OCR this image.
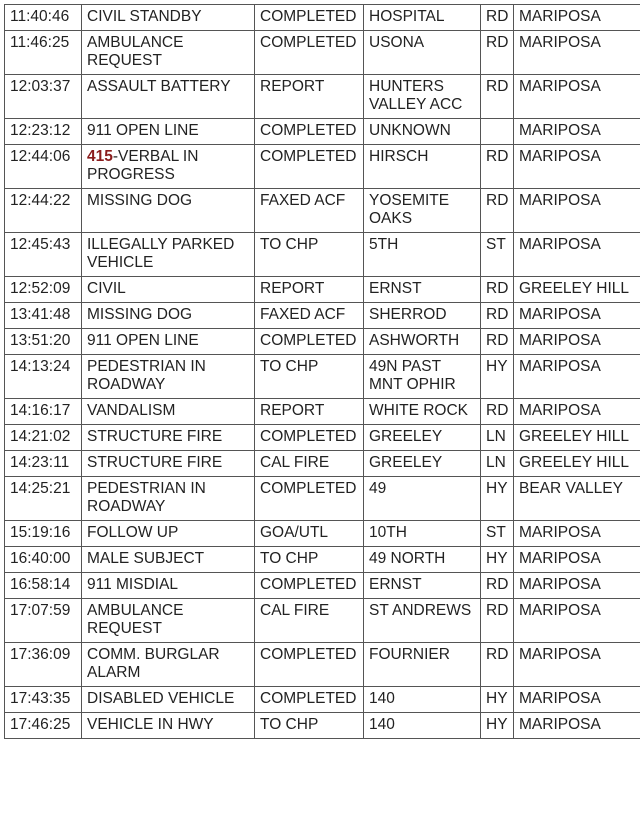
11:40:46	CIVIL STANDBY	COMPLETED	HOSPITAL	RD	MARIPOSA
11:46:25	AMBULANCE REQUEST	COMPLETED	USONA	RD	MARIPOSA
12:03:37	ASSAULT BATTERY	REPORT	HUNTERS VALLEY ACC	RD	MARIPOSA
12:23:12	911 OPEN LINE	COMPLETED	UNKNOWN		MARIPOSA
12:44:06	415-VERBAL IN PROGRESS	COMPLETED	HIRSCH	RD	MARIPOSA
12:44:22	MISSING DOG	FAXED ACF	YOSEMITE OAKS	RD	MARIPOSA
12:45:43	ILLEGALLY PARKED VEHICLE	TO CHP	5TH	ST	MARIPOSA
12:52:09	CIVIL	REPORT	ERNST	RD	GREELEY HILL
13:41:48	MISSING DOG	FAXED ACF	SHERROD	RD	MARIPOSA
13:51:20	911 OPEN LINE	COMPLETED	ASHWORTH	RD	MARIPOSA
14:13:24	PEDESTRIAN IN ROADWAY	TO CHP	49N PAST MNT OPHIR	HY	MARIPOSA
14:16:17	VANDALISM	REPORT	WHITE ROCK	RD	MARIPOSA
14:21:02	STRUCTURE FIRE	COMPLETED	GREELEY	LN	GREELEY HILL
14:23:11	STRUCTURE FIRE	CAL FIRE	GREELEY	LN	GREELEY HILL
14:25:21	PEDESTRIAN IN ROADWAY	COMPLETED	49	HY	BEAR VALLEY
15:19:16	FOLLOW UP	GOA/UTL	10TH	ST	MARIPOSA
16:40:00	MALE SUBJECT	TO CHP	49 NORTH	HY	MARIPOSA
16:58:14	911 MISDIAL	COMPLETED	ERNST	RD	MARIPOSA
17:07:59	AMBULANCE REQUEST	CAL FIRE	ST ANDREWS	RD	MARIPOSA
17:36:09	COMM. BURGLAR ALARM	COMPLETED	FOURNIER	RD	MARIPOSA
17:43:35	DISABLED VEHICLE	COMPLETED	140	HY	MARIPOSA
17:46:25	VEHICLE IN HWY	TO CHP	140	HY	MARIPOSA
